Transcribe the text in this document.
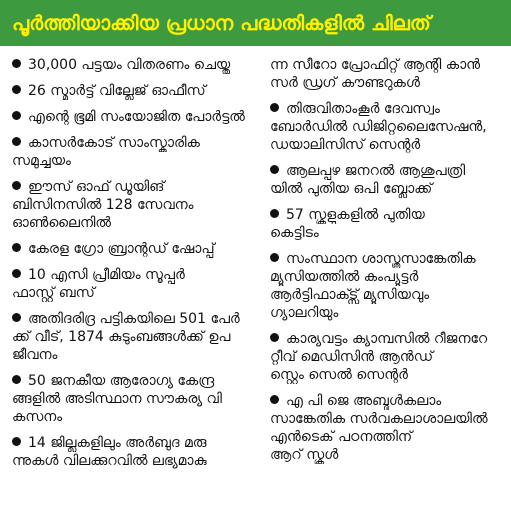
പൂർത്തിയാക്കിയ പ്രധാന പദ്ധതികളിൽ ചിലത്
30,000 പട്ടയം വിതരണം ചെയ്തു
26 സ്മാർട്ട് വില്ലേജ് ഓഫീസ്
എന്റെ ഭൂമി സംയോജിത പോർട്ടൽ
കാസർകോട് സാംസ്കാരിക
സമുച്ചയം
ഈസ് ഓഫ് ഡൂയിങ്
ബിസിനസിൽ 128 സേവനം
ഓൺലൈനിൽ
കേരള ഗ്രോ ബ്രാന്റഡ് ഷോപ്പ്
10 എസി പ്രീമിയം സൂപ്പർ
ഫാസ്റ്റ് ബസ്
അതിദരിദ്ര പട്ടികയിലെ 501 പേർ
ക്ക് വീട്, 1874 കുടുംബങ്ങൾക്ക് ഉപ
ജീവനം
50 ജനകീയ ആരോഗ്യ കേന്ദ്ര
ങ്ങളിൽ അടിസ്ഥാന സൗകര്യ വി
കസനം
14 ജില്ലകളിലും അർബുദ മരു
ന്നുകൾ വിലക്കുറവിൽ ലഭ്യമാകു
ന്ന സീറോ പ്രോഫിറ്റ് ആന്റി കാൻ
സർ ഡ്രഗ് കൗണ്ടറുകൾ
തിരുവിതാംകൂർ ദേവസ്വം
ബോർഡിൽ ഡിജിറ്റലൈസേഷൻ,
ഡയാലിസിസ് സെന്റർ
ആലപ്പുഴ ജനറൽ ആശുപത്രി
യിൽ പുതിയ ഒപി ബ്ലോക്ക്
57 സ്കൂളുകളിൽ പുതിയ
കെട്ടിടം
സംസ്ഥാന ശാസ്ത്രസാങ്കേതിക
മ്യൂസിയത്തിൽ കംപ്യൂട്ടർ
ആർട്ടിഫാക്ട്സ് മ്യൂസിയവും
ഗ്യാലറിയും
കാര്യവട്ടം ക്യാമ്പസിൽ റീജനറേ
റ്റീവ് മെഡിസിൻ ആൻഡ്
സ്റ്റെം സെൽ സെന്റർ
എ പി ജെ അബ്ദുൾകലാം
സാങ്കേതിക സർവകലാശാലയിൽ
എൻടെക് പഠനത്തിന്
ആറ് സ്കൂൾ
